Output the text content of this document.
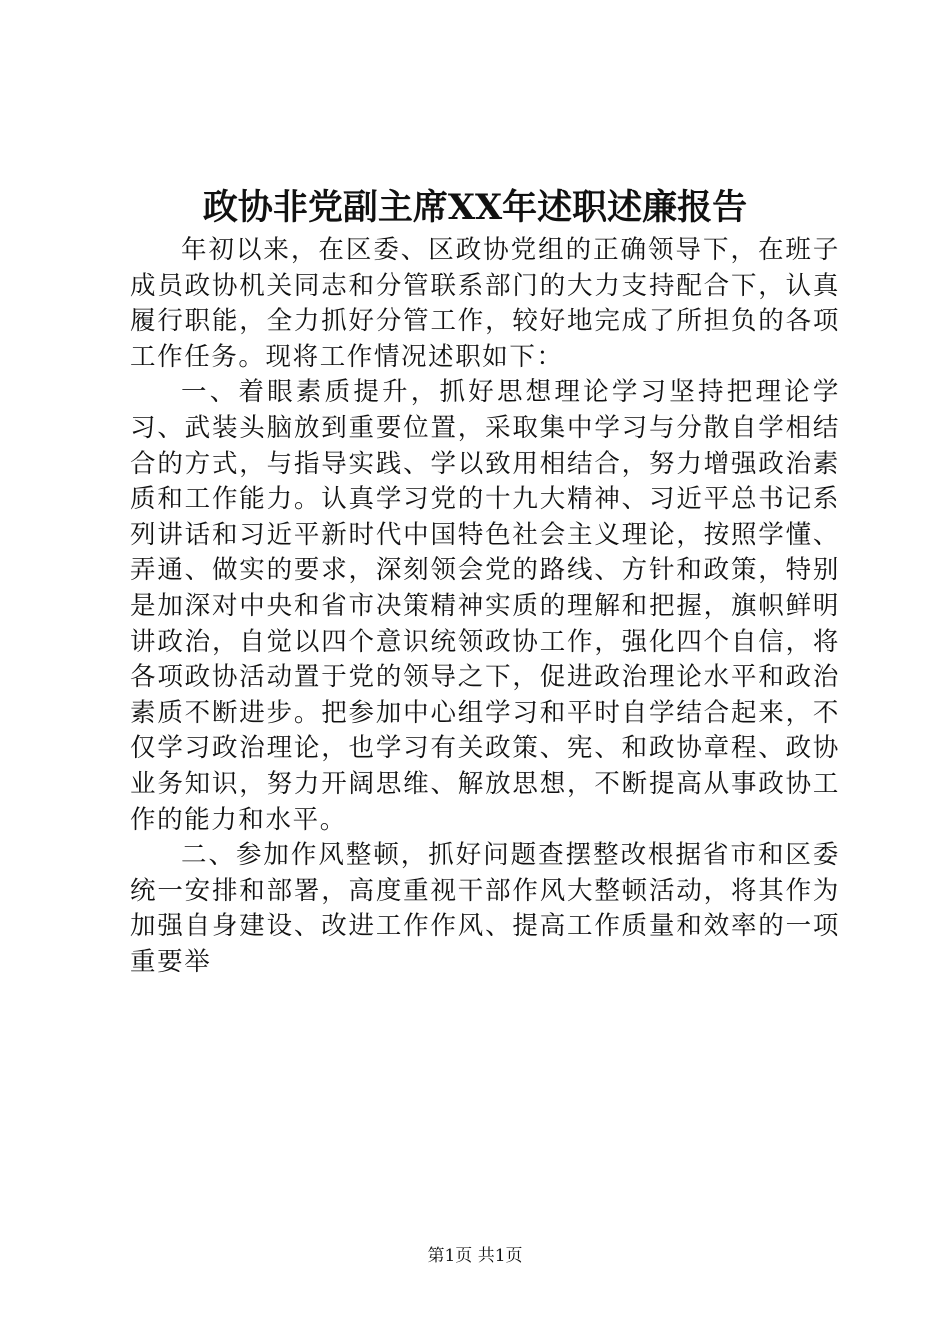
政协非党副主席XX年述职述廉报告

年初以来，在区委、区政协党组的正确领导下，在班子成员政协机关同志和分管联系部门的大力支持配合下，认真履行职能，全力抓好分管工作，较好地完成了所担负的各项工作任务。现将工作情况述职如下：

一、着眼素质提升，抓好思想理论学习坚持把理论学习、武装头脑放到重要位置，采取集中学习与分散自学相结合的方式，与指导实践、学以致用相结合，努力增强政治素质和工作能力。认真学习党的十九大精神、习近平总书记系列讲话和习近平新时代中国特色社会主义理论，按照学懂、弄通、做实的要求，深刻领会党的路线、方针和政策，特别是加深对中央和省市决策精神实质的理解和把握，旗帜鲜明讲政治，自觉以四个意识统领政协工作，强化四个自信，将各项政协活动置于党的领导之下，促进政治理论水平和政治素质不断进步。把参加中心组学习和平时自学结合起来，不仅学习政治理论，也学习有关政策、宪、和政协章程、政协业务知识，努力开阔思维、解放思想，不断提高从事政协工作的能力和水平。

二、参加作风整顿，抓好问题查摆整改根据省市和区委统一安排和部署，高度重视干部作风大整顿活动，将其作为加强自身建设、改进工作作风、提高工作质量和效率的一项重要举

第1页 共1页
